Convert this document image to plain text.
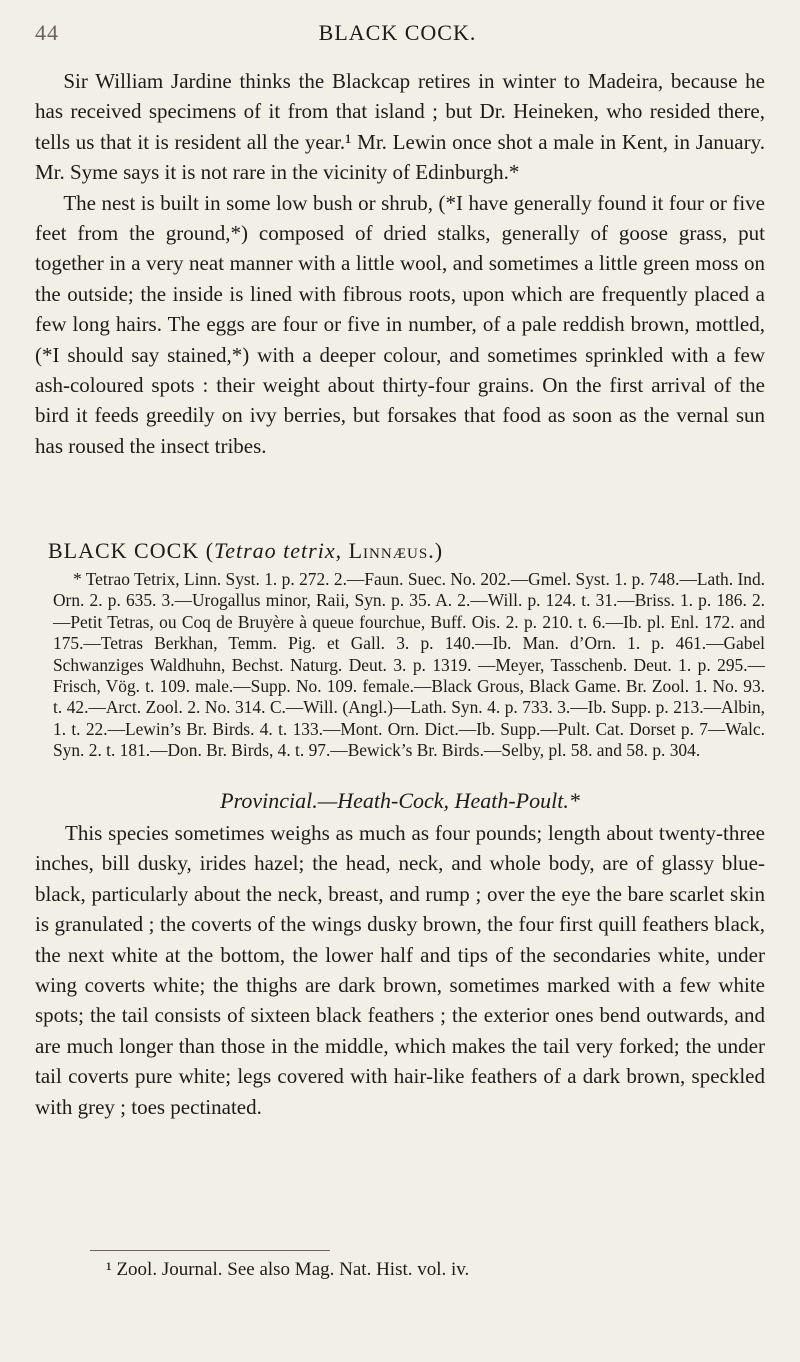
44	BLACK COCK.

Sir William Jardine thinks the Blackcap retires in winter to Madeira, because he has received specimens of it from that island ; but Dr. Heineken, who resided there, tells us that it is resident all the year.¹ Mr. Lewin once shot a male in Kent, in January. Mr. Syme says it is not rare in the vicinity of Edinburgh.*

The nest is built in some low bush or shrub, (*I have generally found it four or five feet from the ground,*) composed of dried stalks, generally of goose grass, put together in a very neat manner with a little wool, and sometimes a little green moss on the outside; the inside is lined with fibrous roots, upon which are frequently placed a few long hairs. The eggs are four or five in number, of a pale reddish brown, mottled, (*I should say stained,*) with a deeper colour, and sometimes sprinkled with a few ash-coloured spots : their weight about thirty-four grains. On the first arrival of the bird it feeds greedily on ivy berries, but forsakes that food as soon as the vernal sun has roused the insect tribes.

BLACK COCK (Tetrao tetrix, Linnæus.)

* Tetrao Tetrix, Linn. Syst. 1. p. 272. 2.—Faun. Suec. No. 202.—Gmel. Syst. 1. p. 748.—Lath. Ind. Orn. 2. p. 635. 3.—Urogallus minor, Raii, Syn. p. 35. A. 2.—Will. p. 124. t. 31.—Briss. 1. p. 186. 2.—Petit Tetras, ou Coq de Bruyère à queue fourchue, Buff. Ois. 2. p. 210. t. 6.—Ib. pl. Enl. 172. and 175.—Tetras Berkhan, Temm. Pig. et Gall. 3. p. 140.—Ib. Man. d’Orn. 1. p. 461.—Gabel Schwanziges Waldhuhn, Bechst. Naturg. Deut. 3. p. 1319. —Meyer, Tasschenb. Deut. 1. p. 295.—Frisch, Vög. t. 109. male.—Supp. No. 109. female.—Black Grous, Black Game. Br. Zool. 1. No. 93. t. 42.—Arct. Zool. 2. No. 314. C.—Will. (Angl.)—Lath. Syn. 4. p. 733. 3.—Ib. Supp. p. 213.—Albin, 1. t. 22.—Lewin’s Br. Birds. 4. t. 133.—Mont. Orn. Dict.—Ib. Supp.—Pult. Cat. Dorset p. 7—Walc. Syn. 2. t. 181.—Don. Br. Birds, 4. t. 97.—Bewick’s Br. Birds.—Selby, pl. 58. and 58. p. 304.

Provincial.—Heath-Cock, Heath-Poult.*

This species sometimes weighs as much as four pounds; length about twenty-three inches, bill dusky, irides hazel; the head, neck, and whole body, are of glassy blue-black, particularly about the neck, breast, and rump ; over the eye the bare scarlet skin is granulated ; the coverts of the wings dusky brown, the four first quill feathers black, the next white at the bottom, the lower half and tips of the secondaries white, under wing coverts white; the thighs are dark brown, sometimes marked with a few white spots; the tail consists of sixteen black feathers ; the exterior ones bend outwards, and are much longer than those in the middle, which makes the tail very forked; the under tail coverts pure white; legs covered with hair-like feathers of a dark brown, speckled with grey ; toes pectinated.

¹ Zool. Journal. See also Mag. Nat. Hist. vol. iv.
